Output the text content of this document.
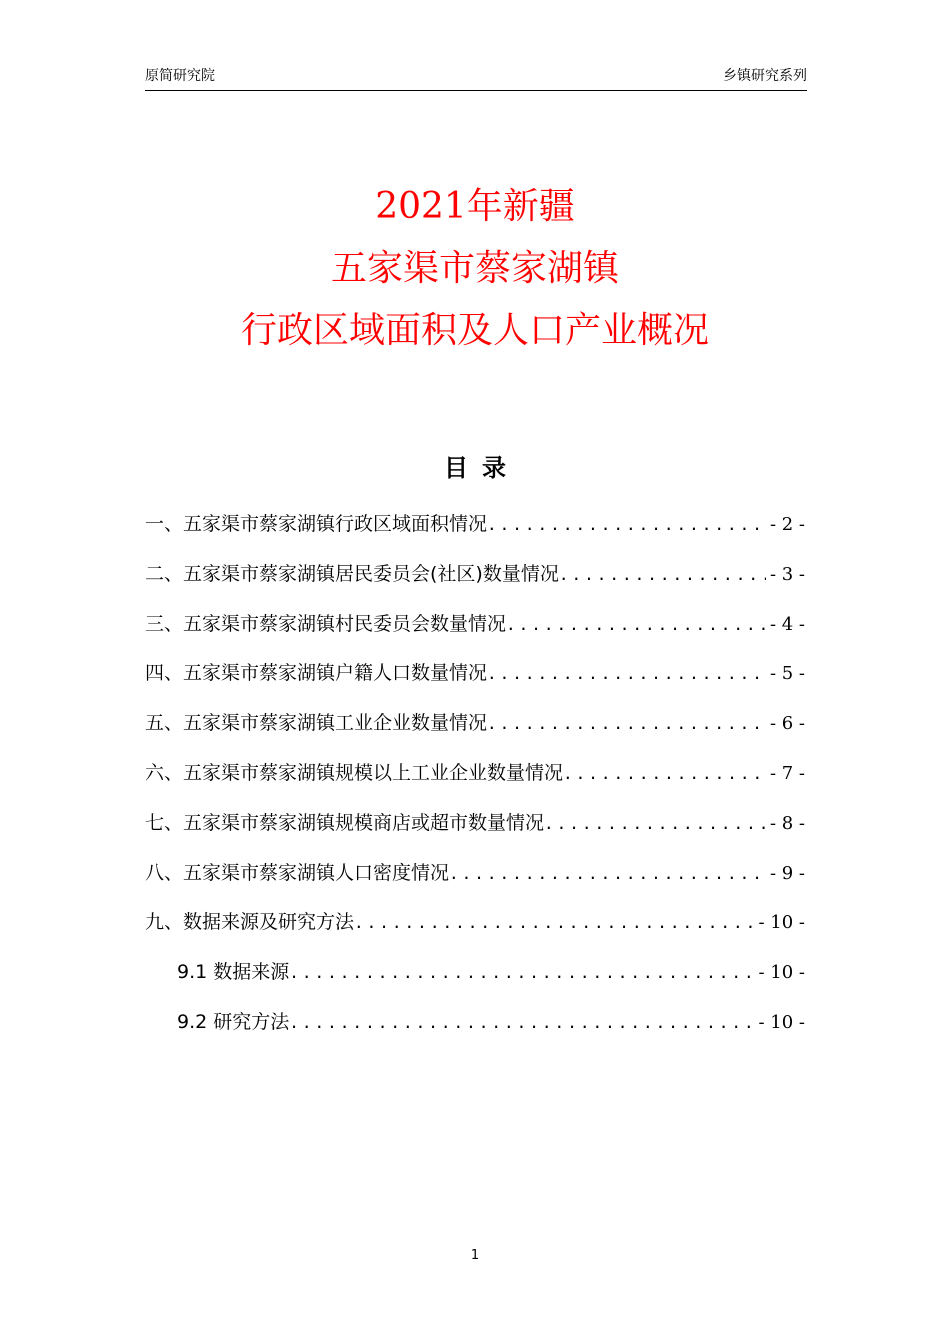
原简研究院	乡镇研究系列
2021年新疆
五家渠市蔡家湖镇
行政区域面积及人口产业概况
目录
一、五家渠市蔡家湖镇行政区域面积情况 .....	- 2 -
二、五家渠市蔡家湖镇居民委员会(社区)数量情况 .....	- 3 -
三、五家渠市蔡家湖镇村民委员会数量情况 .....	- 4 -
四、五家渠市蔡家湖镇户籍人口数量情况 .....	- 5 -
五、五家渠市蔡家湖镇工业企业数量情况 .....	- 6 -
六、五家渠市蔡家湖镇规模以上工业企业数量情况 .....	- 7 -
七、五家渠市蔡家湖镇规模商店或超市数量情况 .....	- 8 -
八、五家渠市蔡家湖镇人口密度情况 .....	- 9 -
九、数据来源及研究方法 .....	- 10 -
9.1 数据来源 .....	- 10 -
9.2 研究方法 .....	- 10 -
1
